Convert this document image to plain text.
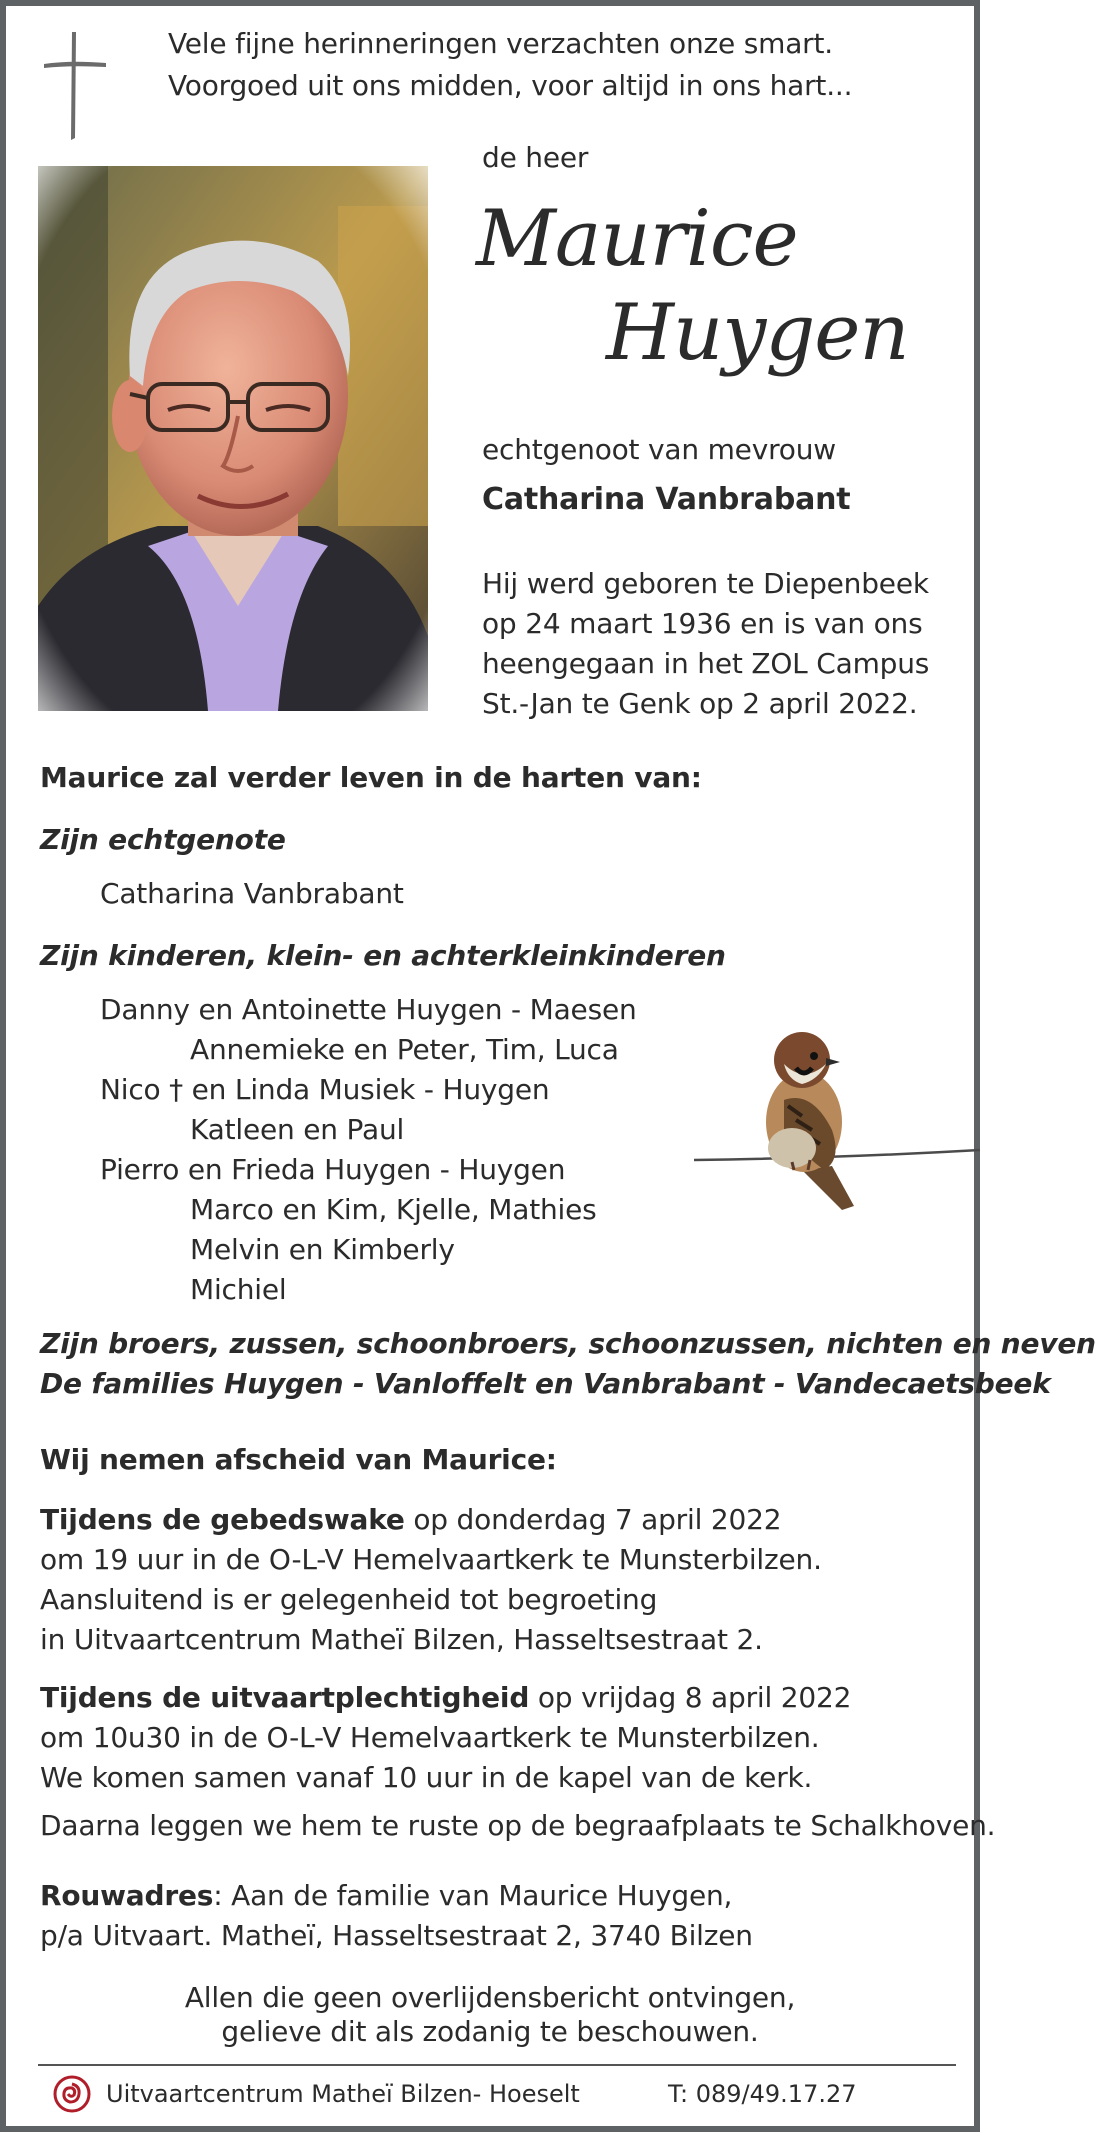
Vele fijne herinneringen verzachten onze smart.
Voorgoed uit ons midden, voor altijd in ons hart...
de heer
Maurice
Huygen
echtgenoot van mevrouw
Catharina Vanbrabant
Hij werd geboren te Diepenbeek
op 24 maart 1936 en is van ons
heengegaan in het ZOL Campus
St.-Jan te Genk op 2 april 2022.
Maurice zal verder leven in de harten van:
Zijn echtgenote
Catharina Vanbrabant
Zijn kinderen, klein- en achterkleinkinderen
Danny en Antoinette Huygen - Maesen
Annemieke en Peter, Tim, Luca
Nico † en Linda Musiek - Huygen
Katleen en Paul
Pierro en Frieda Huygen - Huygen
Marco en Kim, Kjelle, Mathies
Melvin en Kimberly
Michiel
Zijn broers, zussen, schoonbroers, schoonzussen, nichten en neven
De families Huygen - Vanloffelt en Vanbrabant - Vandecaetsbeek
Wij nemen afscheid van Maurice:
Tijdens de gebedswake op donderdag 7 april 2022
om 19 uur in de O-L-V Hemelvaartkerk te Munsterbilzen.
Aansluitend is er gelegenheid tot begroeting
in Uitvaartcentrum Matheï Bilzen, Hasseltsestraat 2.
Tijdens de uitvaartplechtigheid op vrijdag 8 april 2022
om 10u30 in de O-L-V Hemelvaartkerk te Munsterbilzen.
We komen samen vanaf 10 uur in de kapel van de kerk.
Daarna leggen we hem te ruste op de begraafplaats te Schalkhoven.
Rouwadres: Aan de familie van Maurice Huygen,
p/a Uitvaart. Matheï, Hasseltsestraat 2, 3740 Bilzen
Allen die geen overlijdensbericht ontvingen,
gelieve dit als zodanig te beschouwen.
Uitvaartcentrum Matheï Bilzen- Hoeselt	T: 089/49.17.27
